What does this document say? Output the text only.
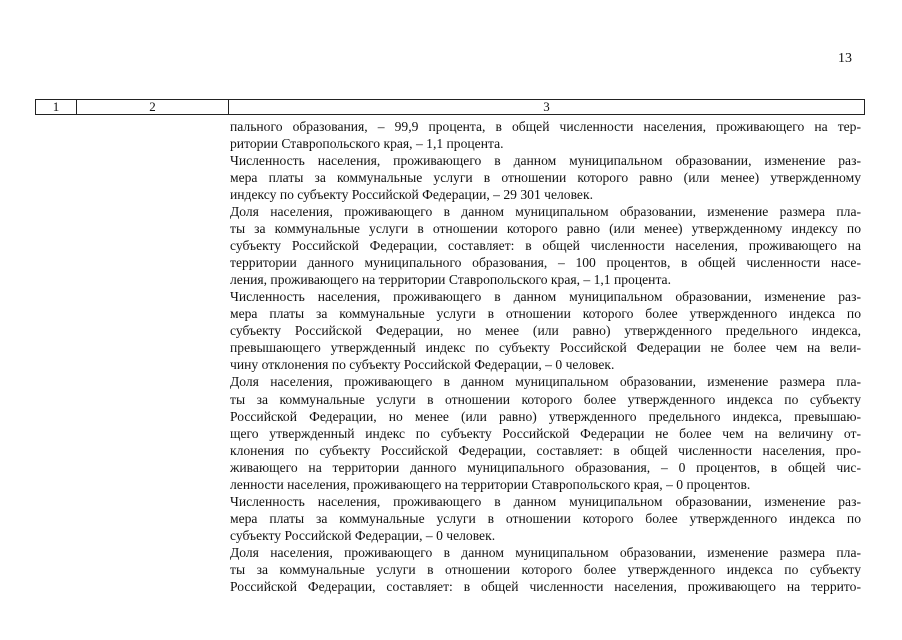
13
1	2	3
пального образования, – 99,9 процента, в общей численности населения, проживающего на тер-
ритории Ставропольского края, – 1,1 процента.
Численность населения, проживающего в данном муниципальном образовании, изменение раз-
мера платы за коммунальные услуги в отношении которого равно (или менее) утвержденному
индексу по субъекту Российской Федерации, – 29 301 человек.
Доля населения, проживающего в данном муниципальном образовании, изменение размера пла-
ты за коммунальные услуги в отношении которого равно (или менее) утвержденному индексу по
субъекту Российской Федерации, составляет: в общей численности населения, проживающего на
территории данного муниципального образования, – 100 процентов, в общей численности насе-
ления, проживающего на территории Ставропольского края, – 1,1 процента.
Численность населения, проживающего в данном муниципальном образовании, изменение раз-
мера платы за коммунальные услуги в отношении которого более утвержденного индекса по
субъекту Российской Федерации, но менее (или равно) утвержденного предельного индекса,
превышающего утвержденный индекс по субъекту Российской Федерации не более чем на вели-
чину отклонения по субъекту Российской Федерации, – 0 человек.
Доля населения, проживающего в данном муниципальном образовании, изменение размера пла-
ты за коммунальные услуги в отношении которого более утвержденного индекса по субъекту
Российской Федерации, но менее (или равно) утвержденного предельного индекса, превышаю-
щего утвержденный индекс по субъекту Российской Федерации не более чем на величину от-
клонения по субъекту Российской Федерации, составляет: в общей численности населения, про-
живающего на территории данного муниципального образования, – 0 процентов, в общей чис-
ленности населения, проживающего на территории Ставропольского края, – 0 процентов.
Численность населения, проживающего в данном муниципальном образовании, изменение раз-
мера платы за коммунальные услуги в отношении которого более утвержденного индекса по
субъекту Российской Федерации, – 0 человек.
Доля населения, проживающего в данном муниципальном образовании, изменение размера пла-
ты за коммунальные услуги в отношении которого более утвержденного индекса по субъекту
Российской Федерации, составляет: в общей численности населения, проживающего на террито-
